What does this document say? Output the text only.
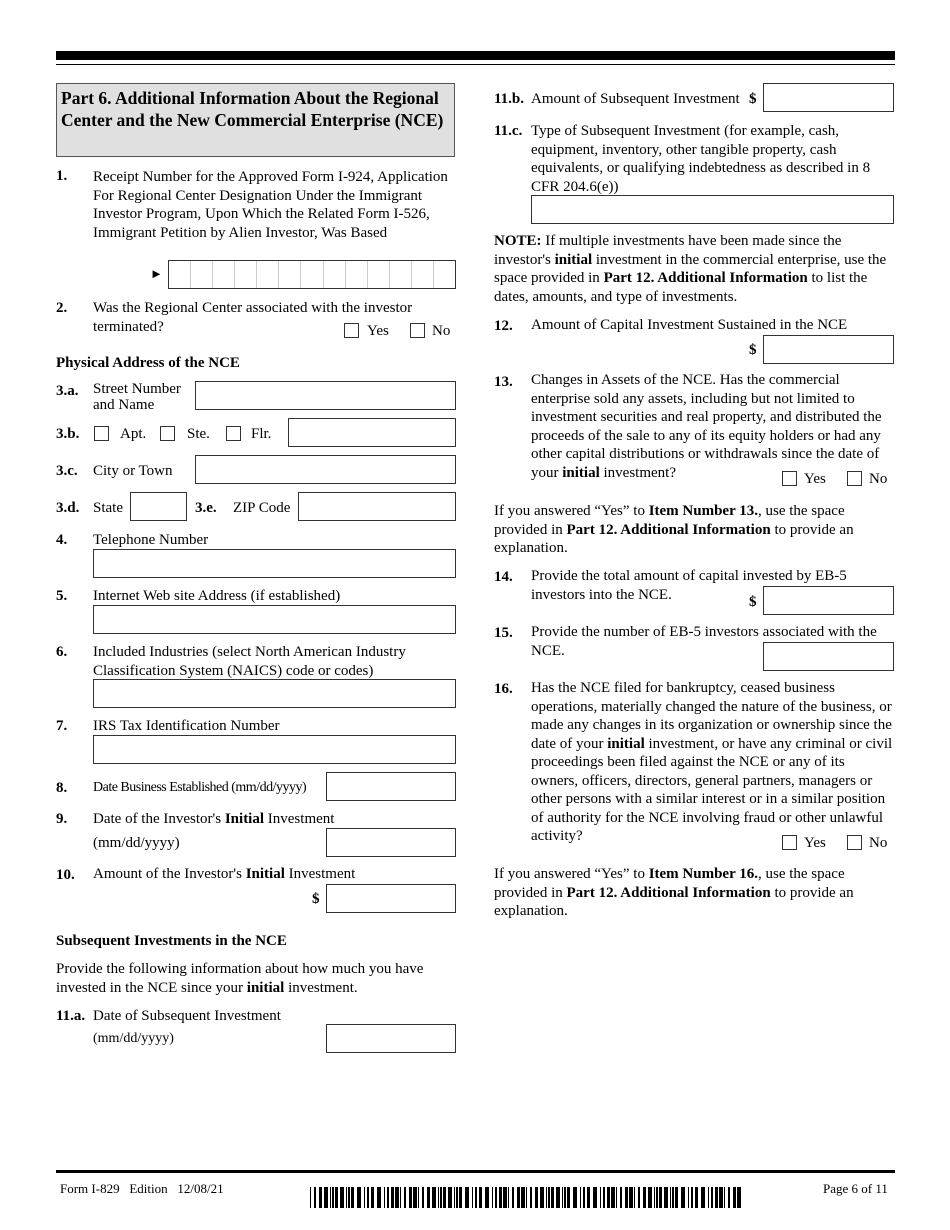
Part 6. Additional Information About the Regional Center and the New Commercial Enterprise (NCE)
1. Receipt Number for the Approved Form I-924, Application For Regional Center Designation Under the Immigrant Investor Program, Upon Which the Related Form I-526, Immigrant Petition by Alien Investor, Was Based
►
2. Was the Regional Center associated with the investor terminated?	Yes	No
Physical Address of the NCE
3.a. Street Number and Name
3.b.	Apt.	Ste.	Flr.
3.c. City or Town
3.d. State	3.e. ZIP Code
4. Telephone Number
5. Internet Web site Address (if established)
6. Included Industries (select North American Industry Classification System (NAICS) code or codes)
7. IRS Tax Identification Number
8. Date Business Established (mm/dd/yyyy)
9. Date of the Investor's Initial Investment
(mm/dd/yyyy)
10. Amount of the Investor's Initial Investment
$
Subsequent Investments in the NCE
Provide the following information about how much you have invested in the NCE since your initial investment.
11.a. Date of Subsequent Investment
(mm/dd/yyyy)
11.b. Amount of Subsequent Investment $
11.c. Type of Subsequent Investment (for example, cash, equipment, inventory, other tangible property, cash equivalents, or qualifying indebtedness as described in 8 CFR 204.6(e))
NOTE: If multiple investments have been made since the investor's initial investment in the commercial enterprise, use the space provided in Part 12. Additional Information to list the dates, amounts, and type of investments.
12. Amount of Capital Investment Sustained in the NCE
$
13. Changes in Assets of the NCE. Has the commercial enterprise sold any assets, including but not limited to investment securities and real property, and distributed the proceeds of the sale to any of its equity holders or had any other capital distributions or withdrawals since the date of your initial investment?	Yes	No
If you answered “Yes” to Item Number 13., use the space provided in Part 12. Additional Information to provide an explanation.
14. Provide the total amount of capital invested by EB-5 investors into the NCE.	$
15. Provide the number of EB-5 investors associated with the NCE.
16. Has the NCE filed for bankruptcy, ceased business operations, materially changed the nature of the business, or made any changes in its organization or ownership since the date of your initial investment, or have any criminal or civil proceedings been filed against the NCE or any of its owners, officers, directors, general partners, managers or other persons with a similar interest or in a similar position of authority for the NCE involving fraud or other unlawful activity?	Yes	No
If you answered “Yes” to Item Number 16., use the space provided in Part 12. Additional Information to provide an explanation.
Form I-829   Edition   12/08/21	Page 6 of 11
